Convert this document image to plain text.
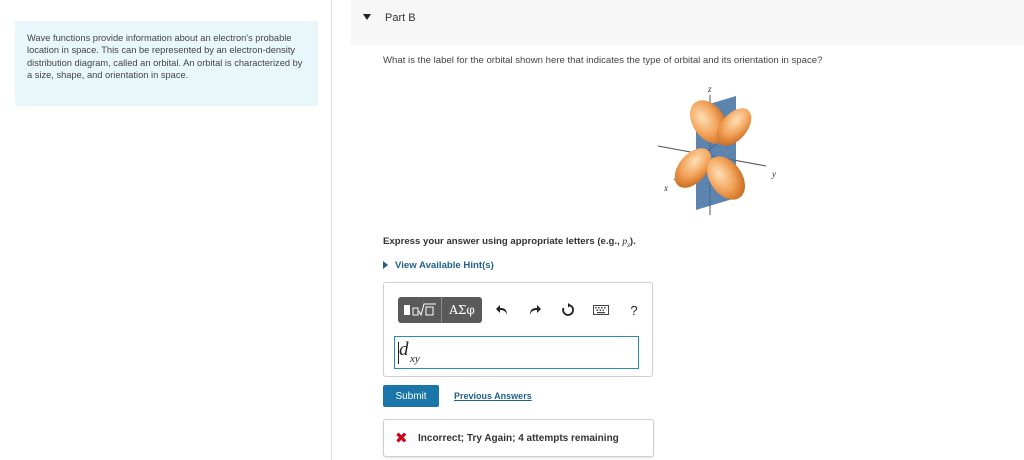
Wave functions provide information about an electron's probable location in space. This can be represented by an electron-density distribution diagram, called an orbital. An orbital is characterized by a size, shape, and orientation in space.
Part B
What is the label for the orbital shown here that indicates the type of orbital and its orientation in space?
z
y
x
Express your answer using appropriate letters (e.g., $p_z$).
View Available Hint(s)
ΑΣφ	?
d xy
Submit	Previous Answers
✖ Incorrect; Try Again; 4 attempts remaining
